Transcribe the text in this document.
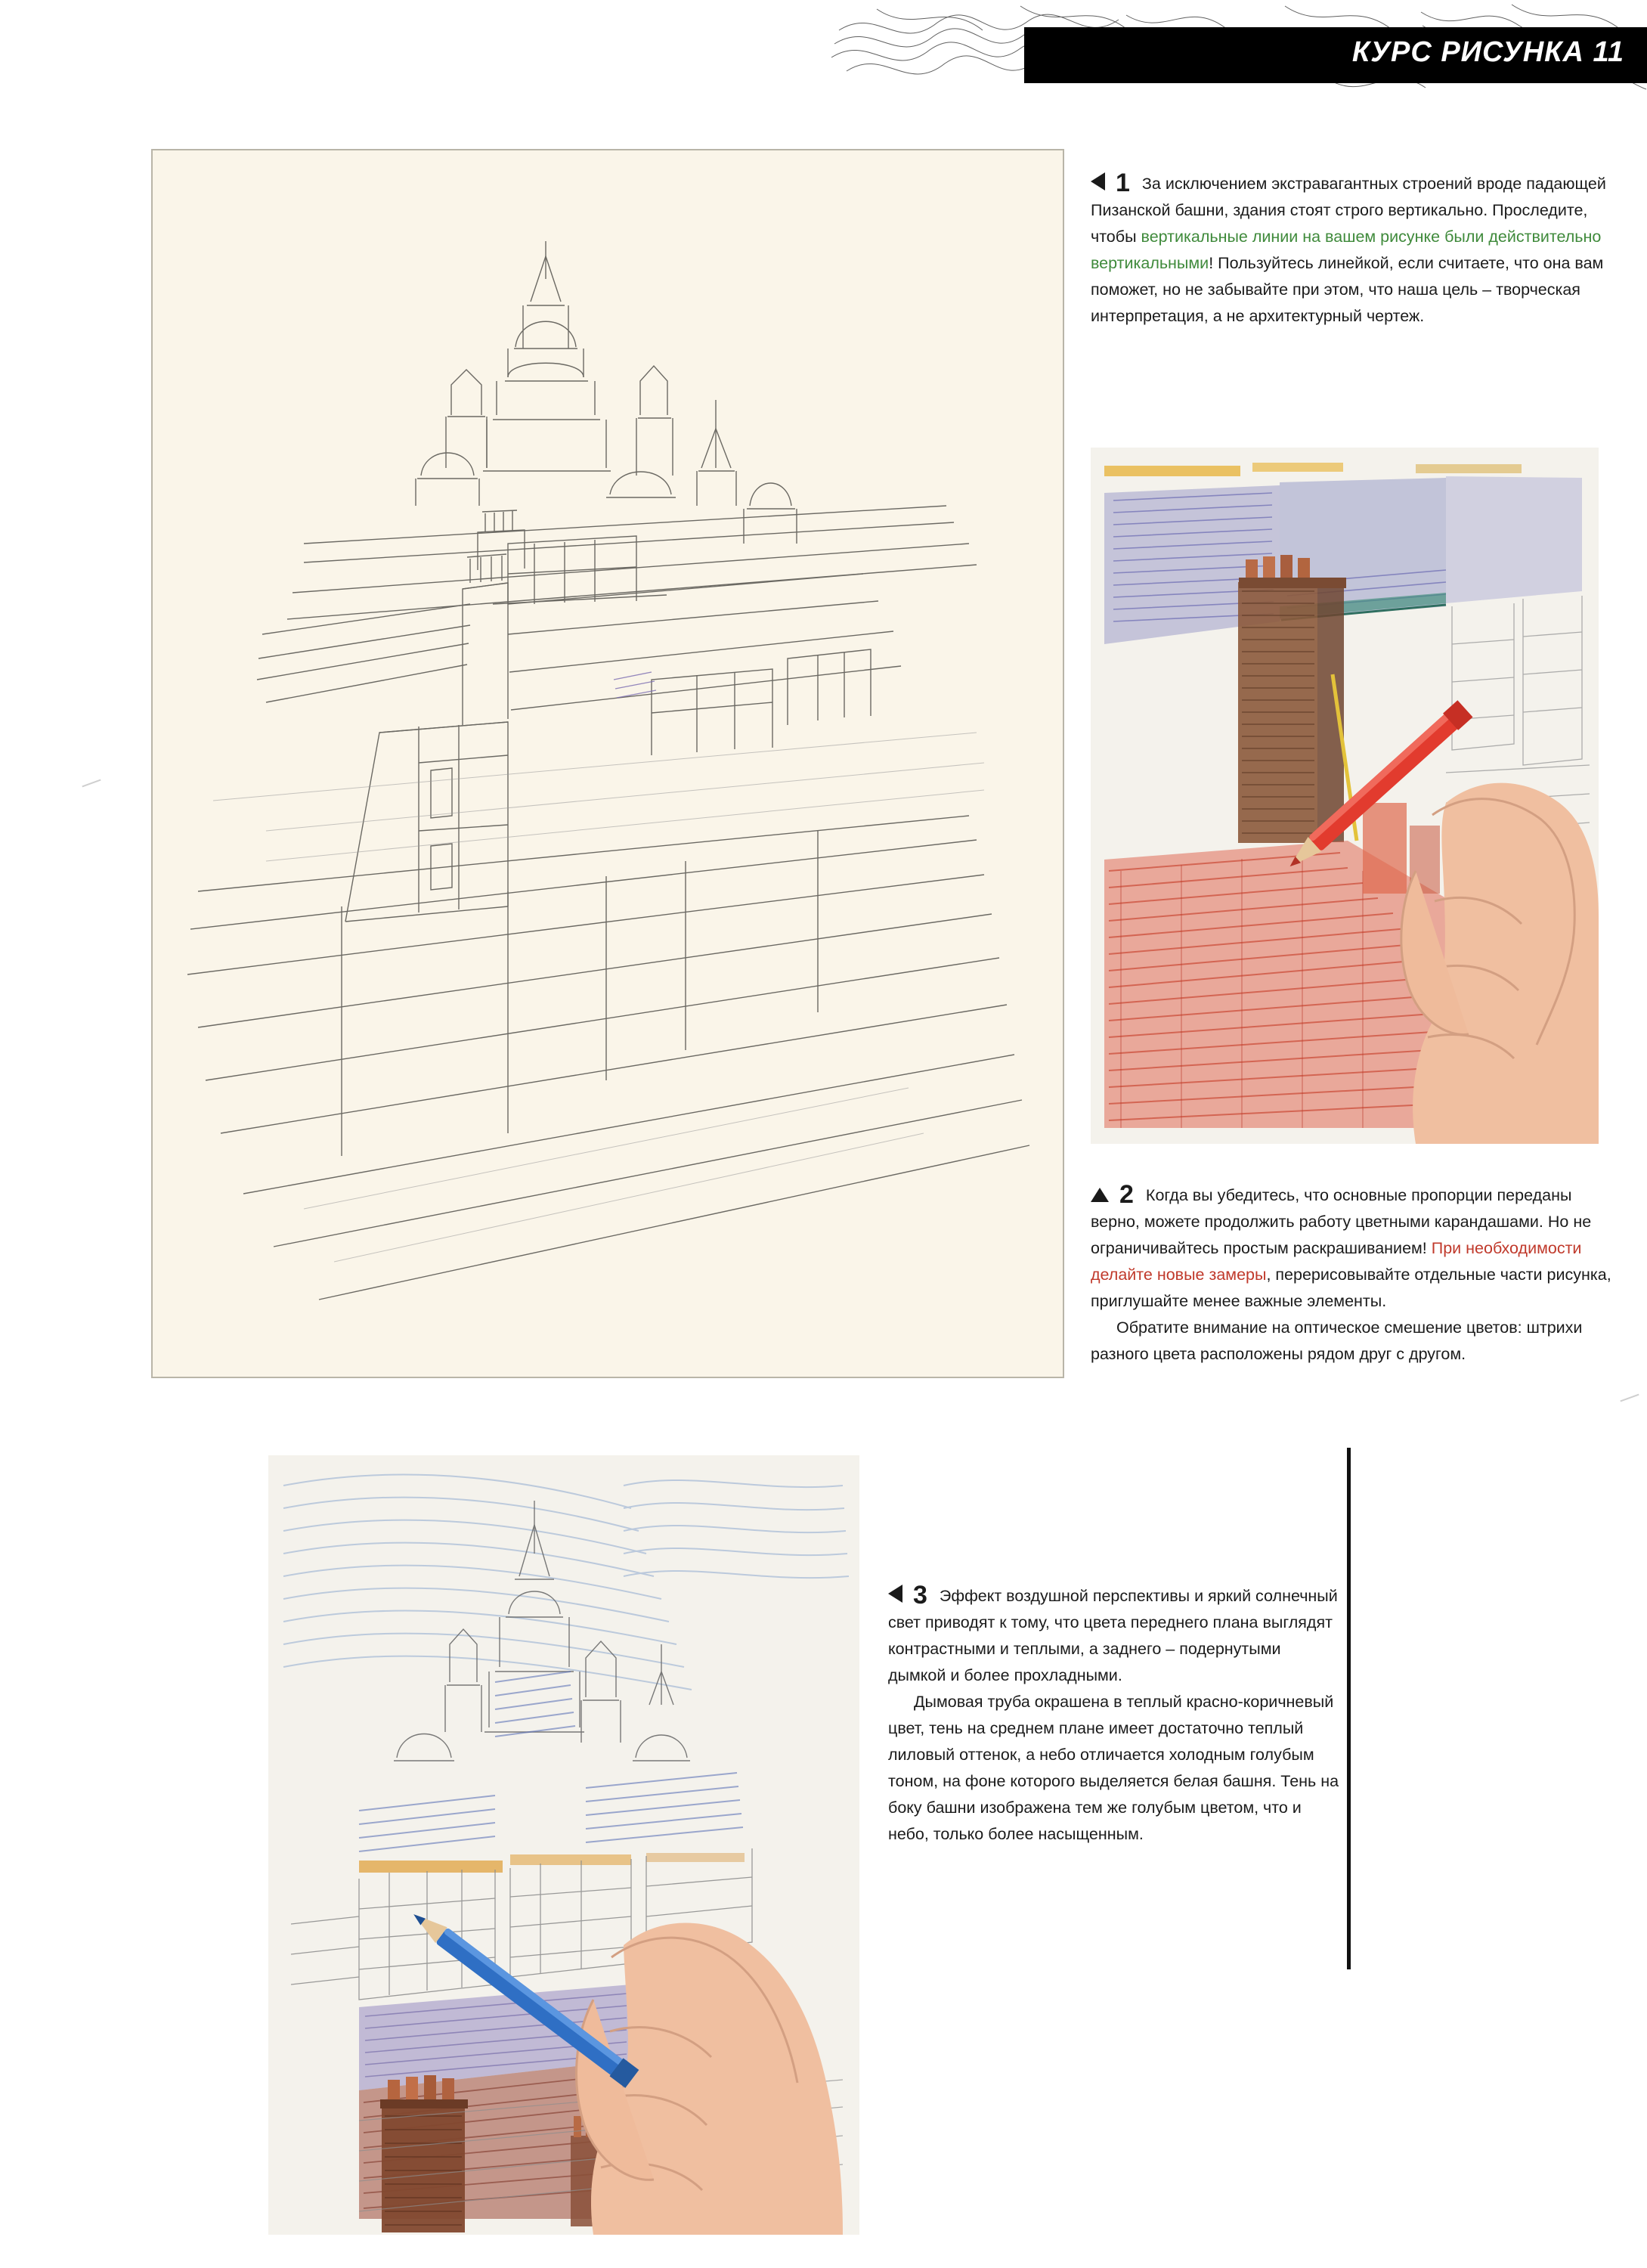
КУРС РИСУНКА 11
1 За исключением экстравагантных строений вроде падающей Пизанской башни, здания стоят строго вертикально. Проследите, чтобы вертикальные линии на вашем рисунке были действительно вертикальными! Пользуйтесь линейкой, если считаете, что она вам поможет, но не забывайте при этом, что наша цель – творческая интерпретация, а не архитектурный чертеж.
2 Когда вы убедитесь, что основные пропорции переданы верно, можете продолжить работу цветными карандашами. Но не ограничивайтесь простым раскрашиванием! При необходимости делайте новые замеры, перерисовывайте отдельные части рисунка, приглушайте менее важные элементы.
Обратите внимание на оптическое смешение цветов: штрихи разного цвета расположены рядом друг с другом.
3 Эффект воздушной перспективы и яркий солнечный свет приводят к тому, что цвета переднего плана выглядят контрастными и теплыми, а заднего – подернутыми дымкой и более прохладными.
Дымовая труба окрашена в теплый красно-коричневый цвет, тень на среднем плане имеет достаточно теплый лиловый оттенок, а небо отличается холодным голубым тоном, на фоне которого выделяется белая башня. Тень на боку башни изображена тем же голубым цветом, что и небо, только более насыщенным.
